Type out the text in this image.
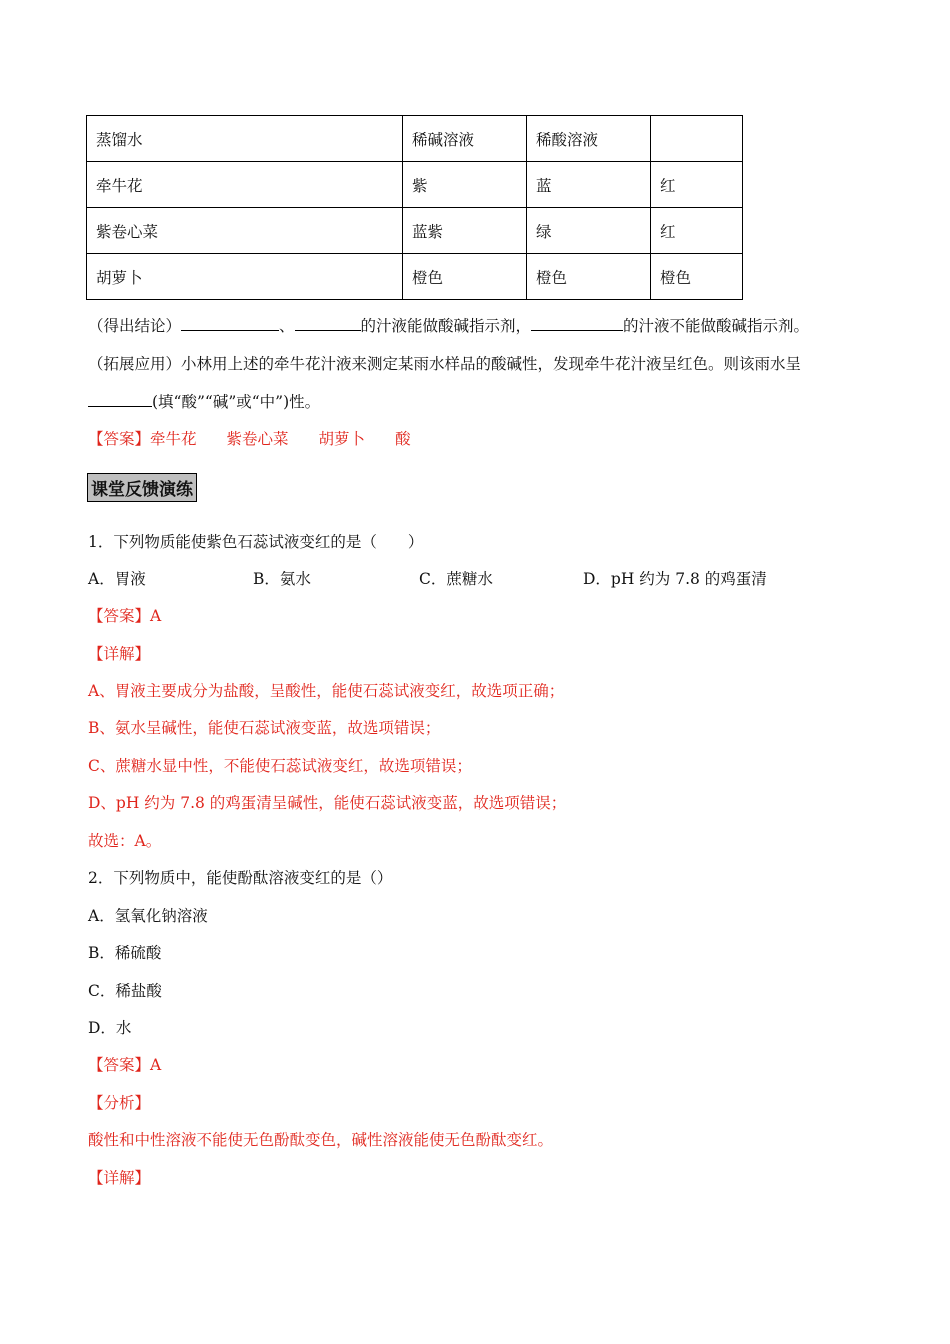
蒸馏水	稀碱溶液	稀酸溶液	
牵牛花	紫	蓝	红
紫卷心菜	蓝紫	绿	红
胡萝卜	橙色	橙色	橙色
（得出结论）	、	的汁液能做酸碱指示剂，	的汁液不能做酸碱指示剂。
（拓展应用）小林用上述的牵牛花汁液来测定某雨水样品的酸碱性，发现牵牛花汁液呈红色。则该雨水呈
(填“酸”“碱”或“中”)性。
【答案】牵牛花 紫卷心菜 胡萝卜 酸
课堂反馈演练
1．下列物质能使紫色石蕊试液变红的是（　　）
A．胃液	B．氨水	C．蔗糖水	D．pH 约为 7.8 的鸡蛋清
【答案】A
【详解】
A、胃液主要成分为盐酸，呈酸性，能使石蕊试液变红，故选项正确；
B、氨水呈碱性，能使石蕊试液变蓝，故选项错误；
C、蔗糖水显中性，不能使石蕊试液变红，故选项错误；
D、pH 约为 7.8 的鸡蛋清呈碱性，能使石蕊试液变蓝，故选项错误；
故选：A。
2．下列物质中，能使酚酞溶液变红的是（）
A．氢氧化钠溶液
B．稀硫酸
C．稀盐酸
D．水
【答案】A
【分析】
酸性和中性溶液不能使无色酚酞变色，碱性溶液能使无色酚酞变红。
【详解】
